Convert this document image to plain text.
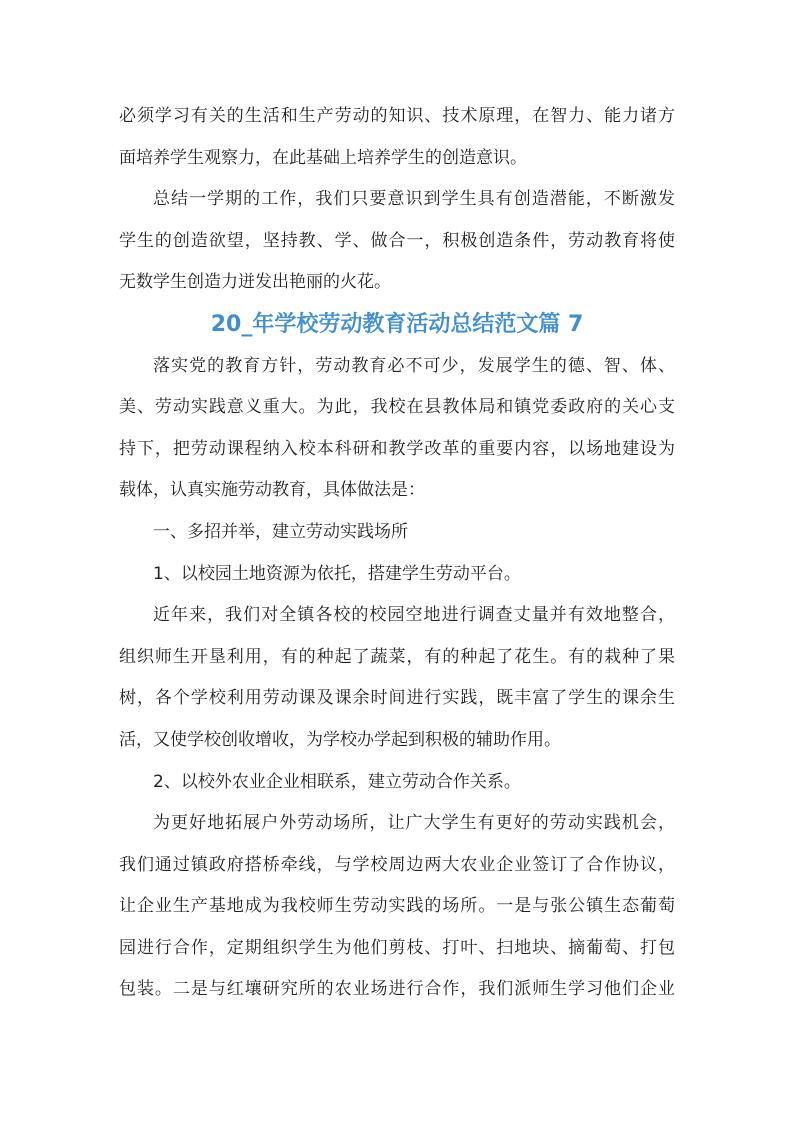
必须学习有关的生活和生产劳动的知识、技术原理，在智力、能力诸方
面培养学生观察力，在此基础上培养学生的创造意识。

总结一学期的工作，我们只要意识到学生具有创造潜能，不断激发
学生的创造欲望，坚持教、学、做合一，积极创造条件，劳动教育将使
无数学生创造力迸发出艳丽的火花。

20_年学校劳动教育活动总结范文篇 7

落实党的教育方针，劳动教育必不可少，发展学生的德、智、体、
美、劳动实践意义重大。为此，我校在县教体局和镇党委政府的关心支
持下，把劳动课程纳入校本科研和教学改革的重要内容，以场地建设为
载体，认真实施劳动教育，具体做法是：

一、多招并举，建立劳动实践场所

1、以校园土地资源为依托，搭建学生劳动平台。

近年来，我们对全镇各校的校园空地进行调查丈量并有效地整合，
组织师生开垦利用，有的种起了蔬菜，有的种起了花生。有的栽种了果
树，各个学校利用劳动课及课余时间进行实践，既丰富了学生的课余生
活，又使学校创收增收，为学校办学起到积极的辅助作用。

2、以校外农业企业相联系，建立劳动合作关系。

为更好地拓展户外劳动场所，让广大学生有更好的劳动实践机会，
我们通过镇政府搭桥牵线，与学校周边两大农业企业签订了合作协议，
让企业生产基地成为我校师生劳动实践的场所。一是与张公镇生态葡萄
园进行合作，定期组织学生为他们剪枝、打叶、扫地块、摘葡萄、打包
包装。二是与红壤研究所的农业场进行合作，我们派师生学习他们企业
